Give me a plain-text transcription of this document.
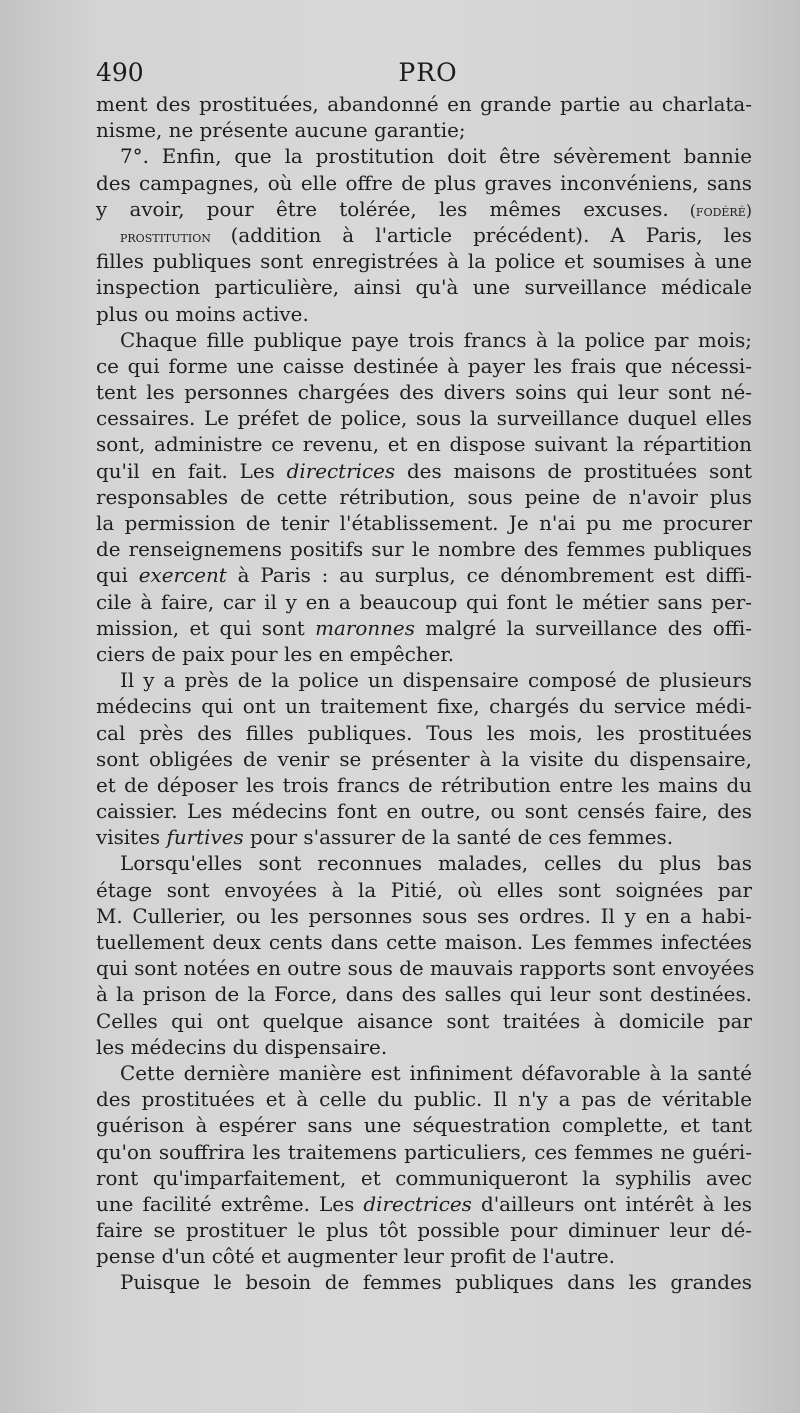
490	PRO
ment des prostituées, abandonné en grande partie au charlata-
nisme, ne présente aucune garantie;
7°. Enfin, que la prostitution doit être sévèrement bannie
des campagnes, où elle offre de plus graves inconvéniens, sans
y avoir, pour être tolérée, les mêmes excuses. (fodéré)
prostitution (addition à l'article précédent). A Paris, les
filles publiques sont enregistrées à la police et soumises à une
inspection particulière, ainsi qu'à une surveillance médicale
plus ou moins active.
Chaque fille publique paye trois francs à la police par mois;
ce qui forme une caisse destinée à payer les frais que nécessi-
tent les personnes chargées des divers soins qui leur sont né-
cessaires. Le préfet de police, sous la surveillance duquel elles
sont, administre ce revenu, et en dispose suivant la répartition
qu'il en fait. Les directrices des maisons de prostituées sont
responsables de cette rétribution, sous peine de n'avoir plus
la permission de tenir l'établissement. Je n'ai pu me procurer
de renseignemens positifs sur le nombre des femmes publiques
qui exercent à Paris : au surplus, ce dénombrement est diffi-
cile à faire, car il y en a beaucoup qui font le métier sans per-
mission, et qui sont maronnes malgré la surveillance des offi-
ciers de paix pour les en empêcher.
Il y a près de la police un dispensaire composé de plusieurs
médecins qui ont un traitement fixe, chargés du service médi-
cal près des filles publiques. Tous les mois, les prostituées
sont obligées de venir se présenter à la visite du dispensaire,
et de déposer les trois francs de rétribution entre les mains du
caissier. Les médecins font en outre, ou sont censés faire, des
visites furtives pour s'assurer de la santé de ces femmes.
Lorsqu'elles sont reconnues malades, celles du plus bas
étage sont envoyées à la Pitié, où elles sont soignées par
M. Cullerier, ou les personnes sous ses ordres. Il y en a habi-
tuellement deux cents dans cette maison. Les femmes infectées
qui sont notées en outre sous de mauvais rapports sont envoyées
à la prison de la Force, dans des salles qui leur sont destinées.
Celles qui ont quelque aisance sont traitées à domicile par
les médecins du dispensaire.
Cette dernière manière est infiniment défavorable à la santé
des prostituées et à celle du public. Il n'y a pas de véritable
guérison à espérer sans une séquestration complette, et tant
qu'on souffrira les traitemens particuliers, ces femmes ne guéri-
ront qu'imparfaitement, et communiqueront la syphilis avec
une facilité extrême. Les directrices d'ailleurs ont intérêt à les
faire se prostituer le plus tôt possible pour diminuer leur dé-
pense d'un côté et augmenter leur profit de l'autre.
Puisque le besoin de femmes publiques dans les grandes
